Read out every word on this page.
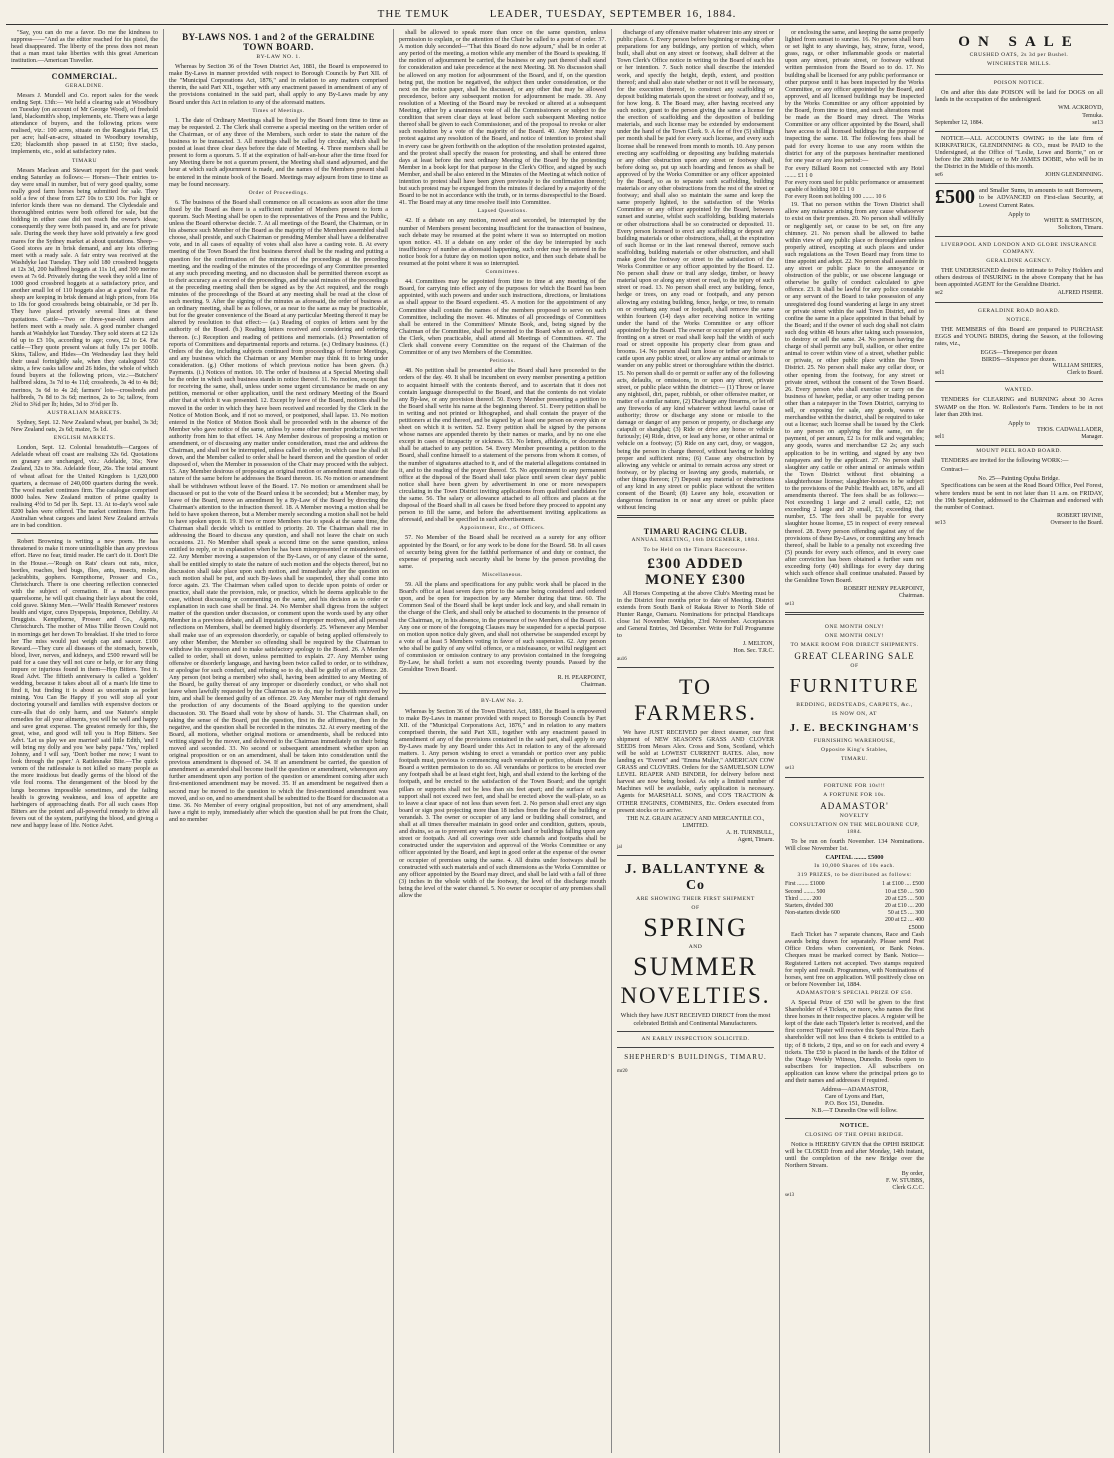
THE TEMUK	LEADER, TUESDAY, SEPTEMBER 16, 1884.

"Say, you can do me a favor. Do me the kindness to suppress——"And as the editor reached for his pistol, the head disappeared. The liberty of the press does not mean that a man must take liberties with this great American institution.—American Traveller.

COMMERCIAL.
GERALDINE.

Messrs J. Mundell and Co. report sales for the week ending Sept. 13th:— We held a clearing sale at Woodbury on Tuesday (on account of Mr George Wood), of freehold land, blacksmith's shop, implements, etc. There was a large attendance of buyers, and the following prices were realised, viz.: 100 acres, situate on the Rangitata Flat, £5 per acre; half-an-acre, situated in Woodbury township, £20; blacksmith shop passed in at £150; five stacks, implements, etc., sold at satisfactory rates.

TIMARU

Messrs Maclean and Stewart report for the past week ending Saturday as follows:— Horses—Their entries to-day were small in number, but of very good quality, some really good farm horses being submitted for sale. They sold a few of these from £27 10s to £30 10s. For light or inferior kinds there was no demand. The Clydesdale and thoroughbred entries were both offered for sale, but the bidding in either case did not reach the owner's ideas; consequently they were both passed in, and are for private sale. During the week they have sold privately a few good mares for the Sydney market at about quotations. Sheep—Good stores are in brisk demand, and any lots offering meet with a ready sale. A fair entry was received at the Washdyke last Tuesday. They sold 180 crossbred hoggets at 12s 3d, 200 halfbred hoggets at 11s 1d, and 300 merino ewes at 7s 6d. Privately during the week they sold a line of 1000 good crossbred hoggets at a satisfactory price, and another small lot of 110 hoggets also at a good value. Fat sheep are keeping in brisk demand at high prices, from 16s to 18s for good crossbreds being obtainable, or 3d per lb. They have placed privately several lines at these quotations. Cattle—Two or three-year-old steers and heifers meet with a ready sale. A good number changed hands at Washdyke last Tuesday. They sold steers at £2 12s 6d up to £3 10s, according to age; cows, £2 to £4. Fat cattle—They quote present values at fully 17s per 100lb. Skins, Tallow, and Hides—On Wednesday last they held their usual fortnightly sale, when they catalogued 550 skins, a few casks tallow and 26 hides, the whole of which found buyers at the following prices, viz.:—Butchers' halfbred skins, 3s 7d to 4s 11d; crossbreds, 3s 4d to 4s 8d; merinos, 3s 6d to 4s 2d; farmers' lots—crossbreds and halfbreds, 7s 8d to 3s 6d; merinos, 2s to 3s; tallow, from 2¾d to 3¾d per lb; hides, 3d to 3½d per lb.

AUSTRALIAN MARKETS.

Sydney, Sept. 12. New Zealand wheat, per bushel, 3s 3d; New Zealand oats, 2s 6d; maize, 5s 1d.

ENGLISH MARKETS.

London, Sept. 12. Colonial breadstuffs—Cargoes of Adelaide wheat off coast are realising 32s 6d. Quotations on granary are unchanged, viz.: Adelaide, 36s; New Zealand, 32s to 36s. Adelaide flour, 26s. The total amount of wheat afloat for the United Kingdom is 1,620,000 quarters, a decrease of 240,000 quarters during the week. The wool market continues firm. The catalogue comprised 8000 bales. New Zealand mutton of prime quality is realising 4½d to 5d per lb. Sept. 13. At to-day's wool sale 8200 bales were offered. The market continues firm. The Australian wheat cargoes and latest New Zealand arrivals are in bad condition.

Robert Browning is writing a new poem. He has threatened to make it more unintelligible than any previous effort. Have no fear, timid reader. He can't do it. Don't Die in the House.—'Rough on Rats' clears out rats, mice, beetles, roaches, bed bugs, flies, ants, insects, moles, jackrabbits, gophers. Kempthorne, Prosser and Co., Christchurch. There is one cheering reflection connected with the subject of cremation. If a man becomes quarrelsome, he will quit chasing their lays about the cold, cold grave. Skinny Men.—'Wells' Health Renewer' restores health and vigor, cures Dyspepsia, Impotence, Debility. At Druggists. Kempthorne, Prosser and Co., Agents, Christchurch. The mother of Miss Tillie Brown Could not in mornings get her down To breakfast. If she tried to force her The miss would just weigh cap and saucer. £100 Reward.—They cure all diseases of the stomach, bowels, blood, liver, nerves, and kidneys, and £500 reward will be paid for a case they will not cure or help, or for any thing impure or injurious found in them—Hop Bitters. Test it. Read Advt. The fiftieth anniversary is called a 'golden' wedding, because it takes about all of a man's life time to find it, but finding it is about as uncertain as pocket mining. You Can Be Happy if you will stop all your doctoring yourself and families with expensive doctors or cure-alls that do only harm, and use Nature's simple remedies for all your ailments, you will be well and happy and save great expense. The greatest remedy for this, the great, wise, and good will tell you is Hop Bitters. See Advt. 'Let us play we are married' said little Edith, 'and I will bring my dolly and you 'see baby papa.' 'Yes,' replied Johnny, and I will say, 'Don't bother me now; I want to look through the paper.' A Rattlesnake Bite.—The quick venom of the rattlesnake is not killed so many people as the more insidious but deadly germs of the blood of the vile foul rooms. The derangement of the blood by the lungs becomes impossible sometimes, and the failing health is growing weakness, and loss of appetite are harbingers of approaching death. For all such cases Hop Bitters are the potent and all-powerful remedy to drive all fevers out of the system, purifying the blood, and giving a new and happy lease of life. Notice Advt.

BY-LAWS NOS. 1 and 2 of the GERALDINE TOWN BOARD.
BY-LAW NO. 1.

Whereas by Section 36 of the Town District Act, 1881, the Board is empowered to make By-Laws in manner provided with respect to Borough Councils by Part XII. of the "Municipal Corporations Act, 1876," and in relation to any matters comprised therein, the said Part XII., together with any enactment passed in amendment of any of the provisions contained in the said part, shall apply to any By-Laws made by any Board under this Act in relation to any of the aforesaid matters.

Times of Meetings.

1. The date of Ordinary Meetings shall be fixed by the Board from time to time as may be requested. 2. The Clerk shall convene a special meeting on the written order of the Chairman, or of any three of the Members, such order to state the nature of the business to be transacted. 3. All meetings shall be called by circular, which shall be posted at least three clear days before the date of Meeting. 4. Three members shall be present to form a quorum. 5. If at the expiration of half-an-hour after the time fixed for any Meeting there be not a quorum present, the Meeting shall stand adjourned, and the hour at which such adjournment is made, and the names of the Members present shall be entered in the minute book of the Board. Meetings may adjourn from time to time as may be found necessary.

Order of Proceedings.

6. The business of the Board shall commence on all occasions as soon after the time fixed by the Board as there is a sufficient number of Members present to form a quorum. Such Meeting shall be open to the representatives of the Press and the Public, unless the Board otherwise decide. 7. At all meetings of the Board, the Chairman, or in his absence such Member of the Board as the majority of the Members assembled shall choose, shall preside, and such Chairman or presiding Member shall have a deliberative vote, and in all cases of equality of votes shall also have a casting vote. 8. At every meeting of the Town Board the first business thereof shall be the reading and putting a question for the confirmation of the minutes of the proceedings at the preceding meeting, and the reading of the minutes of the proceedings of any Committee presented at any such preceding meeting, and no discussion shall be permitted thereon except as to their accuracy as a record of the proceedings, and the said minutes of the proceedings at the preceding meeting shall then be signed as by the Act required, and the rough minutes of the proceedings of the Board at any meeting shall be read at the close of such meeting. 9. After the signing of the minutes as aforesaid, the order of business at an ordinary meeting, shall be as follows, or as near to the same as may be practicable, but for the greater convenience of the Board at any particular Meeting thereof it may be altered by resolution to that effect:— (a.) Reading of copies of letters sent by the authority of the Board. (b.) Reading letters received and considering and ordering thereon. (c.) Reception and reading of petitions and memorials. (d.) Presentation of reports of Committees and departmental reports and returns. (e.) Ordinary business. (f.) Orders of the day, including subjects continued from proceedings of former Meetings, and any business which the Chairman or any Member may think fit to bring under consideration. (g.) Other motions of which previous notice has been given. (h.) Payments. (i.) Notices of motion. 10. The order of business at a Special Meeting shall be the order in which such business stands in notice thereof. 11. No motion, except that for receiving the same, shall, unless under some urgent circumstance be made on any petition, memorial or other application, until the next ordinary Meeting of the Board after that at which it was presented. 12. Except by leave of the Board, motions shall be moved in the order in which they have been received and recorded by the Clerk in the Notice of Motion Book, and if not so moved, or postponed, shall lapse. 13. No motion entered in the Notice of Motion Book shall be proceeded with in the absence of the Member who gave notice of the same, unless by some other member producing written authority from him to that effect. 14. Any Member desirous of proposing a motion or amendment, or of discussing any matter under consideration, must rise and address the Chairman, and shall not be interrupted, unless called to order, in which case he shall sit down, and the Member called to order shall be heard thereon and the question of order disposed of, when the Member in possession of the Chair may proceed with the subject. 15. Any Member desirous of proposing an original motion or amendment must state the nature of the same before he addresses the Board thereon. 16. No motion or amendment shall be withdrawn without leave of the Board. 17. No motion or amendment shall be discussed or put to the vote of the Board unless it be seconded; but a Member may, by leave of the Board, move an amendment by a By-Law of the Board by directing the Chairman's attention to the infraction thereof. 18. A Member moving a motion shall be held to have spoken thereon, but a Member merely seconding a motion shall not be held to have spoken upon it. 19. If two or more Members rise to speak at the same time, the Chairman shall decide which is entitled to priority. 20. The Chairman shall rise in addressing the Board to discuss any question, and shall not leave the chair on such occasions. 21. No Member shall speak a second time on the same question, unless entitled to reply, or in explanation when he has been misrepresented or misunderstood. 22. Any Member moving a suspension of the By-Laws, or of any clause of the same, shall be entitled simply to state the nature of such motion and the objects thereof, but no discussion shall take place upon such motion, and immediately after the question on such motion shall be put, and such By-laws shall be suspended, they shall come into force again. 23. The Chairman when called upon to decide upon points of order or practice, shall state the provision, rule, or practice, which he deems applicable to the case, without discussing or commenting on the same, and his decision as to order or explanation in such case shall be final. 24. No Member shall digress from the subject matter of the question under discussion, or comment upon the words used by any other Member in a previous debate, and all imputations of improper motives, and all personal reflections on Members, shall be deemed highly disorderly. 25. Whenever any Member shall make use of an expression disorderly, or capable of being applied offensively to any other Member, the Member so offending shall be required by the Chairman to withdraw his expression and to make satisfactory apology to the Board. 26. A Member called to order, shall sit down, unless permitted to explain. 27. Any Member using offensive or disorderly language, and having been twice called to order, or to withdraw, or apologise for such conduct, and refusing so to do, shall be guilty of an offence. 28. Any person (not being a member) who shall, having been admitted to any Meeting of the Board, be guilty thereat of any improper or disorderly conduct, or who shall not leave when lawfully requested by the Chairman so to do, may be forthwith removed by him, and shall be deemed guilty of an offence. 29. Any Member may of right demand the production of any documents of the Board applying to the question under discussion. 30. The Board shall vote by show of hands. 31. The Chairman shall, on taking the sense of the Board, put the question, first in the affirmative, then in the negative, and the question shall be recorded in the minutes. 32. At every meeting of the Board, all motions, whether original motions or amendments, shall be reduced into writing signed by the mover, and delivered to the Chairman immediately on their being moved and seconded. 33. No second or subsequent amendment whether upon an original proposition or on an amendment, shall be taken into consideration until the previous amendment is disposed of. 34. If an amendment be carried, the question of amendment as amended shall become itself the question or amendment, whereupon any further amendment upon any portion of the question or amendment coming after such first-mentioned amendment may be moved. 35. If an amendment be negatived then a second may be moved to the question to which the first-mentioned amendment was moved, and so on, and no amendment shall be submitted to the Board for discussion at a time. 36. No Member of every original proposition, but not of any amendment, shall have a right to reply, immediately after which the question shall be put from the Chair, and no member

shall be allowed to speak more than once on the same question, unless permission to explain, or the attention of the Chair be called to a point of order. 37. A motion duly seconded—"That this Board do now adjourn," shall be in order at any period of the meeting, a motion while any member of the Board is speaking. If the motion of adjournment be carried, the business or any part thereof shall stand for consideration and take precedence at the next Meeting. 38. No discussion shall be allowed on any motion for adjournment of the Board, and if, on the question being put, the motion be negatived, the subject then under consideration, or the next on the notice paper, shall be discussed, or any other that may be allowed precedence, before any subsequent motion for adjournment be made. 39. Any resolution of a Meeting of the Board may be revoked or altered at a subsequent Meeting, either by a unanimous vote of all the Commissioners or subject to the condition that seven clear days at least before such subsequent Meeting notice thereof shall be given to each Commissioner, and of the proposal to revoke or alter such resolution by a vote of the majority of the Board. 40. Any Member may protest against any resolution of the Board, and notice of intention to protest shall in every case be given forthwith on the adoption of the resolution protested against, and the protest shall specify the reason for protesting, and shall be entered three days at least before the next ordinary Meeting of the Board by the protesting Member in a book kept for that purpose in the Clerk's Office, and signed by such Member, and shall be also entered in the Minutes of the Meeting at which notice of intention to protest shall have been given previously to the confirmation thereof; but such protest may be expunged from the minutes if declared by a majority of the Board to be not in accordance with the truth, or in terms disrespectful to the Board. 41. The Board may at any time resolve itself into Committee.

Lapsed Questions.

42. If a debate on any motion, moved and seconded, be interrupted by the number of Members present becoming insufficient for the transaction of business, such debate may be resumed at the point where it was so interrupted on motion upon notice. 43. If a debate on any order of the day be interrupted by such insufficiency of number as aforesaid happening, such order may be entered in the notice book for a future day on motion upon notice, and then such debate shall be resumed at the point where it was so interrupted.

Committees.

44. Committees may be appointed from time to time at any meeting of the Board, for carrying into effect any of the purposes for which the Board has been appointed, with such powers and under such instructions, directions, or limitations as shall appear to the Board expedient. 45. A motion for the appointment of any Committee shall contain the names of the members proposed to serve on such Committee, including the mover. 46. Minutes of all proceedings of Committees shall be entered in the Committees' Minute Book, and, being signed by the Chairman of the Committee, shall be presented to the Board when so ordered, and the Clerk, when practicable, shall attend all Meetings of Committees. 47. The Clerk shall convene every Committee on the request of the Chairman of the Committee or of any two Members of the Committee.

Petitions.

48. No petition shall be presented after the Board shall have proceeded to the orders of the day. 49. It shall be incumbent on every member presenting a petition to acquaint himself with the contents thereof, and to ascertain that it does not contain language disrespectful to the Board, and that the contents do not violate any By-law, or any provision thereof. 50. Every Member presenting a petition to the Board shall write his name at the beginning thereof. 51. Every petition shall be in writing and not printed or lithographed, and shall contain the prayer of the petitioners at the end thereof, and be signed by at least one person on every skin or sheet on which it is written. 52. Every petition shall be signed by the persons whose names are appended thereto by their names or marks, and by no one else except in cases of incapacity or sickness. 53. No letters, affidavits, or documents shall be attached to any petition. 54. Every Member presenting a petition to the Board, shall confine himself to a statement of the persons from whom it comes, of the number of signatures attached to it, and of the material allegations contained in it, and to the reading of the prayer thereof. 55. No appointment to any permanent office at the disposal of the Board shall take place until seven clear days' public notice shall have been given by advertisement in one or more newspapers circulating in the Town District inviting applications from qualified candidates for the same. 56. The salary or allowance attached to all offices and places at the disposal of the Board shall in all cases be fixed before they proceed to appoint any person to fill the same, and before the advertisement inviting applications as aforesaid, and shall be specified in such advertisement.

Appointment, Etc., of Officers.

57. No Member of the Board shall be received as a surety for any officer appointed by the Board, or for any work to be done for the Board. 58. In all cases of security being given for the faithful performance of and duty or contract, the expense of preparing such security shall be borne by the person providing the same.

Miscellaneous.

59. All the plans and specifications for any public work shall be placed in the Board's office at least seven days prior to the same being considered and ordered upon, and be open for inspection by any Member during that time. 60. The Common Seal of the Board shall be kept under lock and key, and shall remain in the charge of the Clerk, and shall only be attached to documents in the presence of the Chairman, or, in his absence, in the presence of two Members of the Board. 61. Any one or more of the foregoing Clauses may be suspended for a special purpose on motion upon notice duly given, and shall not otherwise be suspended except by a vote of at least 5 Members voting in favor of such suspension. 62. Any person who shall be guilty of any wilful offence, or a misfeasance, or wilful negligent act of commission or omission contrary to any provision contained in the foregoing By-Law, he shall forfeit a sum not exceeding twenty pounds. Passed by the Geraldine Town Board.

R. H. PEARPOINT,
Chairman.
BY-LAW No. 2.

Whereas by Section 36 of the Town District Act, 1881, the Board is empowered to make By-Laws in manner provided with respect to Borough Councils by Part XII. of the "Municipal Corporations Act, 1876," and in relation to any matters comprised therein, the said Part XII., together with any enactment passed in amendment of any of the provisions contained in the said part, shall apply to any By-Laws made by any Board under this Act in relation to any of the aforesaid matters. 1. Any person wishing to erect a verandah or portico over any public footpath must, previous to commencing such verandah or portico, obtain from the Board a written permission to do so. All verandahs or porticos to be erected over any footpath shall be at least eight feet, high, and shall extend to the kerbing of the footpath, and be erected to the satisfaction of the Town Board; and the upright pillars or supports shall not be less than six feet apart; and the surface of such support shall not exceed two feet, and shall be erected above the wall-plate, so as to leave a clear space of not less than seven feet. 2. No person shall erect any sign board or sign post projecting more than 18 inches from the face of the building or verandah. 3. The owner or occupier of any land or building shall construct, and shall at all times thereafter maintain in good order and condition, gutters, spouts, and drains, so as to prevent any water from such land or buildings falling upon any street or footpath. And all coverings over side channels and footpaths shall be constructed under the supervision and approval of the Works Committee or any officer appointed by the Board, and kept in good order at the expense of the owner or occupier of premises using the same. 4. All drains under footways shall be constructed with such materials and of such dimensions as the Works Committee or any officer appointed by the Board may direct, and shall be laid with a fall of three (3) inches in the whole width of the footway, the level of the discharge mouth being the level of the water channel. 5. No owner or occupier of any premises shall allow the

discharge of any offensive matter whatever into any street or public place. 6. Every person before beginning or making other preparations for any buildings, any portion of which, when built, shall abut on any street or footway, shall deliver at the Town Clerk's Office notice in writing to the Board of such his or her intention. 7. Such notice shall describe the intended work, and specify the height, depth, extent, and position thereof; and shall also state whether or not it will be necessary, for the execution thereof, to construct any scaffolding or deposit building materials upon the street or footway, and if so, for how long. 8. The Board may, after having received any such notice, grant to the person giving the same a license for the erection of scaffolding and the deposition of building materials, and such license may be extended by endorsement under the hand of the Town Clerk. 9. A fee of five (5) shillings per month shall be paid for every such license, and every such license shall be renewed from month to month. 10. Any person erecting any scaffolding or depositing any building materials or any other obstruction upon any street or footway shall, before doing so, put up such hoarding and fences as shall be approved of by the Works Committee or any officer appointed by the Board, so as to separate such scaffolding, building materials or any other obstructions from the rest of the street or footway; and shall also so maintain the same and keep the same properly lighted, to the satisfaction of the Works Committee or any officer appointed by the Board, between sunset and sunrise, whilst such scaffolding, building materials or other obstructions shall be so constructed or deposited. 11. Every person licensed to erect any scaffolding or deposit any building materials or other obstructions, shall, at the expiration of such license or in the last renewal thereof, remove such scaffolding, building materials or other obstruction, and shall make good the footway or street to the satisfaction of the Works Committee or any officer appointed by the Board. 12. No person shall draw or trail any sledge, timber, or heavy material upon or along any street or road, to the injury of such street or road. 13. No person shall erect any building, fence, hedge or trees, on any road or footpath, and any person allowing any existing building, fence, hedge, or tree, to remain on or overhang any road or footpath, shall remove the same within fourteen (14) days after receiving notice in writing under the hand of the Works Committee or any officer appointed by the Board. The owner or occupier of any property fronting on a street or road shall keep half the width of such road or street opposite his property clear from grass and brooms. 14. No person shall turn loose or tether any horse or cattle upon any public street, or allow any animal or animals to wander on any public street or thoroughfare within the district. 15. No person shall do or permit or suffer any of the following acts, defaults, or omissions, in or upon any street, private street, or public place within the district:— (1) Throw or leave any nightsoil, dirt, paper, rubbish, or other offensive matter, or matter of a similar nature, (2) Discharge any firearms, or let off any fireworks of any kind whatever without lawful cause or authority; throw or discharge any stone or missile to the damage or danger of any person or property, or discharge any catapult or shanghai; (3) Ride or drive any horse or vehicle furiously; (4) Ride, drive, or lead any horse, or other animal or vehicle on a footway; (5) Ride on any cart, dray, or waggon, being the person in charge thereof, without having or holding proper and sufficient reins; (6) Cause any obstruction by allowing any vehicle or animal to remain across any street or footway, or by placing or leaving any goods, materials, or other things thereon; (7) Deposit any material or obstructions of any kind in any street or public place without the written consent of the Board; (8) Leave any hole, excavation or dangerous formation in or near any street or public place without fencing

TIMARU RACING CLUB.
ANNUAL MEETING, 16th DECEMBER, 1884.
To be Held on the Timaru Racecourse.
£300 ADDED MONEY £300

All Horses Competing at the above Club's Meeting must be in the District four months prior to date of Meeting. District extends from South Bank of Rakaia River to North Side of Hunter Range, Oamaru. Nominations for principal Handicaps close 1st November. Weights, 23rd November. Acceptances and General Entries, 3rd December. Write for Full Programme to

J. MELTON,
Hon. Sec. T.R.C.
au16
TO FARMERS.

We have JUST RECEIVED per direct steamer, our first shipment of NEW SEASON'S GRASS AND CLOVER SEEDS from Messrs Alex. Cross and Sons, Scotland, which will be sold at LOWEST CURRENT RATES. Also, now landing ex "Everett" and "Emma Muller," AMERICAN COW GRASS and CLOVERS. Orders for the SAMUELSON LOW LEVEL REAPER AND BINDER, for delivery before next harvest are now being booked. As only a limited number of Machines will be available, early application is necessary. Agents for MARSHALL SONS, and CO'S TRACTION & OTHER ENGINES, COMBINES, Etc. Orders executed from present stocks or to arrive.

THE N.Z. GRAIN AGENCY AND MERCANTILE CO., LIMITED.
A. H. TURNBULL,
Agent, Timaru.
jal
J. BALLANTYNE & Co
ARE SHOWING THEIR FIRST SHIPMENT
OF
SPRING
AND
SUMMER
NOVELTIES.

Which they have JUST RECEIVED DIRECT from the most celebrated British and Continental Manufacturers.

AN EARLY INSPECTION SOLICITED.
SHEPHERD'S BUILDINGS, TIMARU.
mr20

or enclosing the same, and keeping the same properly lighted from sunset to sunrise. 16. No person shall burn or set light to any shavings, hay, straw, furze, wood, grass, rags, or other inflammable goods or material upon any street, private street, or footway without written permission from the Board so to do. 17. No building shall be licensed for any public performance or other purpose until it has been inspected by the Works Committee, or any officer appointed by the Board, and approved, and all licensed buildings may be inspected by the Works Committee or any officer appointed by the Board, from time to time, and such alterations must be made as the Board may direct. The Works Committee or any officer appointed by the Board, shall have access to all licensed buildings for the purpose of inspecting the same. 18. The following fees shall be paid for every license to use any room within the district for any of the purposes hereinafter mentioned for one year or any less period:—

For every Billiard Room not connected with any Hotel ........ £1 1 0
For every room used for public performance or amusement capable of holding 100 £1 1 0
For every Room not holding 100 ........ 10 6

19. That no person within the Town District shall allow any nuisance arising from any cause whatsoever to exist on their premises. 20. No person shall willfully or negligently set, or cause to be set, on fire any chimney. 21. No person shall be allowed to bathe within view of any public place or thoroughfare unless properly attired, excepting at such places and under such regulations as the Town Board may from time to time appoint and adopt. 22. No person shall assemble in any street or public place to the annoyance or obstruction of the public, or use obscene language or otherwise be guilty of conduct calculated to give offence. 23. It shall be lawful for any police constable or any servant of the Board to take possession of any unregistered dog found wandering at large in any street or private street within the said Town District, and to confine the same in a place appointed in that behalf by the Board; and if the owner of such dog shall not claim such dog within 48 hours after taking such possession, to destroy or sell the same. 24. No person having the charge of shall permit any bull, stallion, or other entire animal to cover within view of a street, whether public or private, or other public place within the Town District. 25. No person shall make any cellar door, or other opening from the footway, for any street or private street, without the consent of the Town Board. 26. Every person who shall exercise or carry on the business of hawker, pedlar, or any other trading person other than a ratepayer in the Town District, carrying to sell, or exposing for sale, any goods, wares or merchandise within the district, shall be required to take out a license; such license shall be issued by the Clerk to any person on applying for the same, on the payment, of per annum, £2 1s for milk and vegetables; any goods, wares and merchandise £2 2s; any such application to be in writing, and signed by any two ratepayers and by the applicant. 27. No person shall slaughter any cattle or other animal or animals within the Town District without first obtaining a slaughterhouse license; slaughter-houses to be subject to the provisions of the Public Health act, 1876, and all amendments thereof. The fees shall be as follows:—Not exceeding 1 large and 2 small cattle, £2; not exceeding 2 large and 20 small, £3; exceeding that number, £5. The fees shall be payable for every slaughter house license, £5 in respect of every renewal thereof. 28. Every person offending against any of the provisions of these By-Laws, or committing any breach thereof, shall be liable to a penalty not exceeding five (5) pounds for every such offence, and in every case after conviction has been obtained a further sum not exceeding forty (40) shillings for every day during which such offence shall continue unabated. Passed by the Geraldine Town Board.

ROBERT HENRY PEARPOINT,
Chairman.
se13
ONE MONTH ONLY!
ONE MONTH ONLY!
TO MAKE ROOM FOR DIRECT SHIPMENTS.
GREAT CLEARING SALE
OF
FURNITURE
BEDDING, BEDSTEADS, CARPETS, &c.,
IS NOW ON, AT
J. E. BECKINGHAM'S
FURNISHING WAREHOUSE,
Opposite King's Stables,
TIMARU.
se13
FORTUNE FOR 10s!!!
A FORTUNE FOR 10s.
ADAMASTOR'
NOVELTY
CONSULTATION ON THE MELBOURNE CUP, 1884.

To be run on fourth November. 134 Nominations. Will close November 1st.

CAPITAL ........ £5000
In 10,000 Shares of 10s each.
319 PRIZES, to be distributed as follows:
First ........ £1000	1 at £100 .... £500
Second ........ 500	10 at £50 .... 500
Third ........ 200	20 at £25 .... 500
Starters, divided 300	20 at £10 .... 200
Non-starters divide 600	50 at £5 .... 300
200 at £2 .... 400
£5000

Each Ticket has 7 separate chances, Race and Cash awards being drawn for separately. Please send Post Office Orders when convenient, or Bank Notes. Cheques must be marked correct by Bank. Notice—Registered Letters not accepted. Two stamps required for reply and result. Programmes, with Nominations of horses, sent free on application. Will positively close on or before November 1st, 1884.

ADAMASTOR'S SPECIAL PRIZE OF £50.

A Special Prize of £50 will be given to the first Shareholder of 4 Tickets, or more, who names the first three horses in their respective places. A register will be kept of the date each Tipster's letter is received, and the first correct Tipster will receive this Special Prize. Each shareholder will not less than 4 tickets is entitled to a tip; of 8 tickets, 2 tips, and so on for each and every 4 tickets. The £50 is placed in the hands of the Editor of the Otago Weekly Witness, Dunedin. Books open to subscribers for inspection. All subscribers on application can know where the principal prizes go to and their names and addresses if required.

Address—ADAMASTOR,
Care of Lyons and Hart,
P.O. Box 151, Dunedin.
N.B.—T Dunedin One will follow.
NOTICE.
CLOSING OF THE OPIHI BRIDGE.

Notice is HEREBY GIVEN that the OPIHI BRIDGE will be CLOSED from and after Monday, 14th instant, until the completion of the new Bridge over the Northern Stream.

By order,
F. W. STUBBS,
Clerk G.C.C.
se13
ON SALE
CRUSHED OATS, 2s 3d per Bushel.
WINCHESTER MILLS.
POISON NOTICE.

On and after this date POISON will be laid for DOGS on all lands in the occupation of the undersigned.

WM. ACKROYD,
Temuka.
September 12, 1884.	se13

NOTICE—ALL ACCOUNTS OWING to the late firm of KIRKPATRICK, GLENDINNING & CO., must be PAID to the Undersigned, at the Office of "Leslie, Lowe and Borrie," on or before the 20th instant; or to Mr JAMES DOBIE, who will be in the District in the Middle of this month.

se6	JOHN GLENDINNING.
£500 and Smaller Sums, in amounts to suit Borrowers, to be ADVANCED on First-class Security, at Lowest Current Rates.

Apply to
WHITE & SMITHSON,
Solicitors, Timaru.
LIVERPOOL AND LONDON AND GLOBE INSURANCE COMPANY.
GERALDINE AGENCY.

THE UNDERSIGNED desires to intimate to Policy Holders and others desirous of INSURING in the above Company that he has been appointed AGENT for the Geraldine District.

se2	ALFRED FISHER.
GERALDINE ROAD BOARD.
NOTICE.

THE MEMBERS of this Board are prepared to PURCHASE EGGS and YOUNG BIRDS, during the Season, at the following rates, viz.,

EGGS—Threepence per dozen
BIRDS—Sixpence per dozen.
WILLIAM SHIERS,
sel1	Clerk to Board.
WANTED.

TENDERS for CLEARING and BURNING about 30 Acres SWAMP on the Hon. W. Rolleston's Farm. Tenders to be in not later than 20th inst.

Apply to
THOS. CADWALLADER,
sel1	Manager.
MOUNT PEEL ROAD BOARD.

TENDERS are invited for the following WORK:—

Contract—

No. 25—Painting Opuha Bridge.

Specifications can be seen at the Road Board Office, Peel Forest, where tenders must be sent in not later than 11 a.m. on FRIDAY, the 19th September, addressed to the Chairman and endorsed with the number of Contract.

ROBERT IRVINE,
se13	Overseer to the Board.
